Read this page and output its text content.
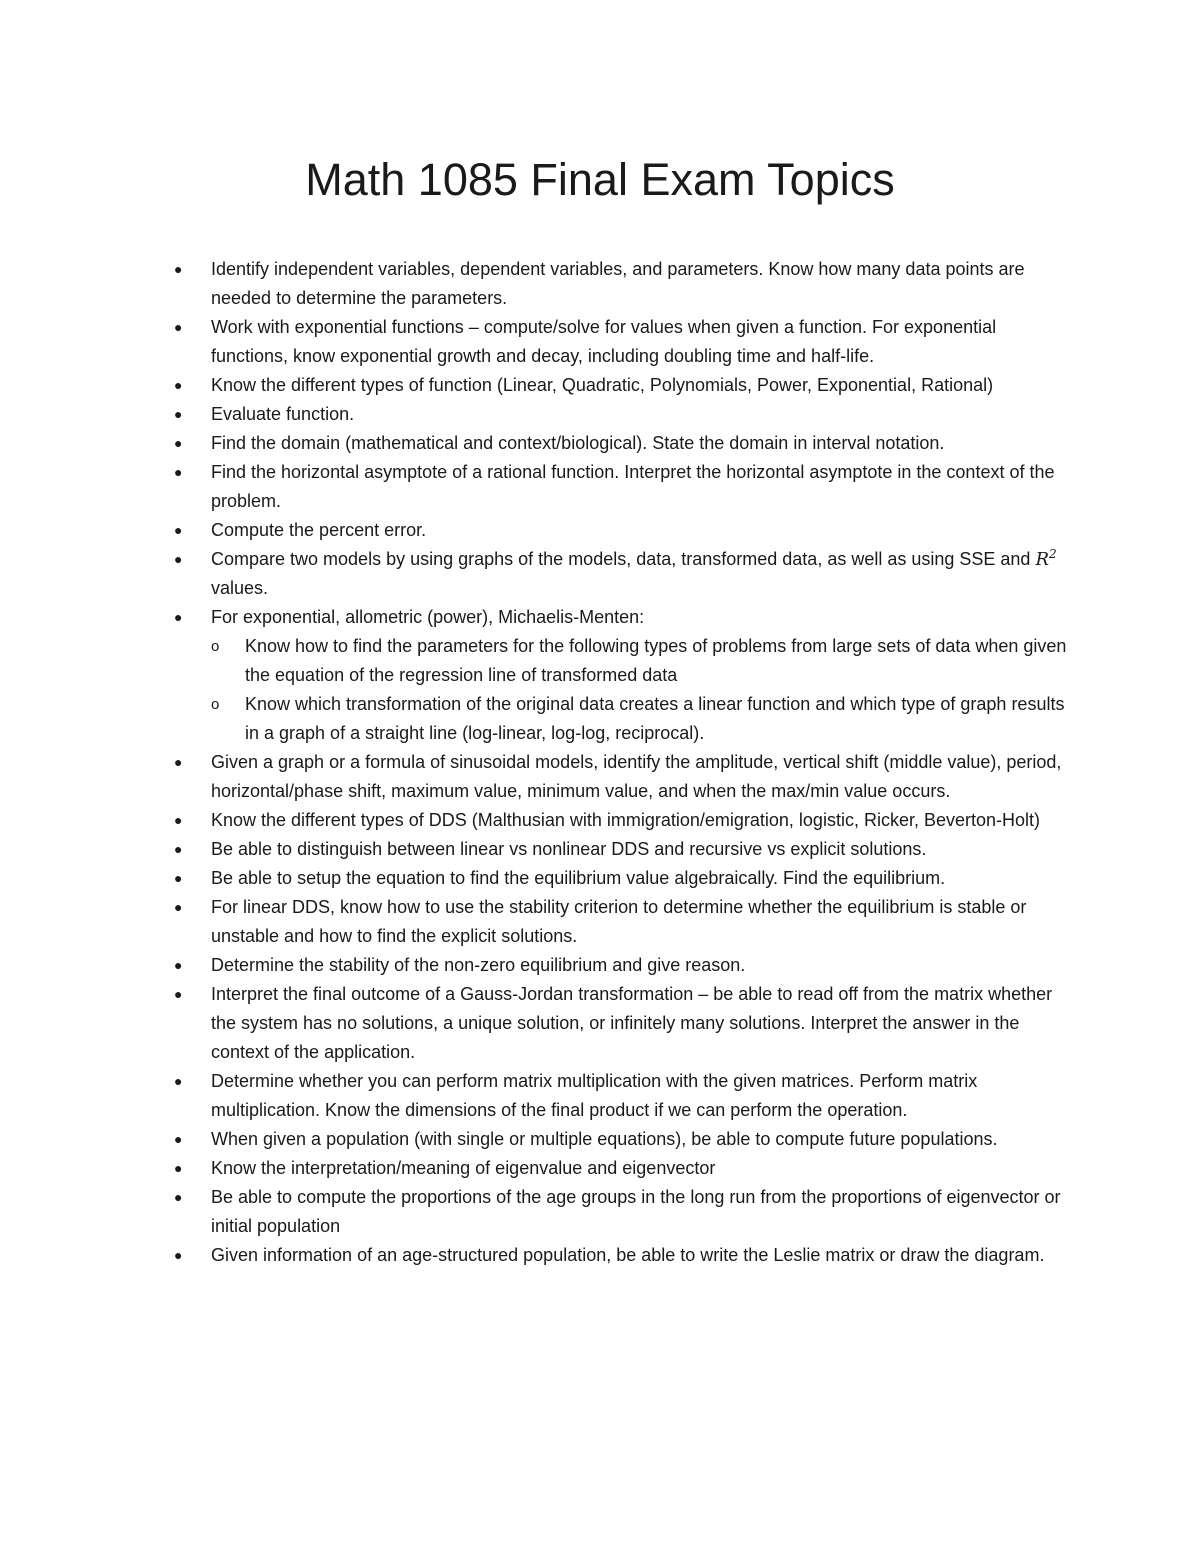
Math 1085 Final Exam Topics
●	Identify independent variables, dependent variables, and parameters. Know how many data points are needed to determine the parameters.
●	Work with exponential functions – compute/solve for values when given a function. For exponential functions, know exponential growth and decay, including doubling time and half-life.
●	Know the different types of function (Linear, Quadratic, Polynomials, Power, Exponential, Rational)
●	Evaluate function.
●	Find the domain (mathematical and context/biological). State the domain in interval notation.
●	Find the horizontal asymptote of a rational function. Interpret the horizontal asymptote in the context of the problem.
●	Compute the percent error.
●	Compare two models by using graphs of the models, data, transformed data, as well as using SSE and $R^2$ values.
●	For exponential, allometric (power), Michaelis-Menten:
o Know how to find the parameters for the following types of problems from large sets of data when given the equation of the regression line of transformed data
o Know which transformation of the original data creates a linear function and which type of graph results in a graph of a straight line (log-linear, log-log, reciprocal).
●	Given a graph or a formula of sinusoidal models, identify the amplitude, vertical shift (middle value), period, horizontal/phase shift, maximum value, minimum value, and when the max/min value occurs.
●	Know the different types of DDS (Malthusian with immigration/emigration, logistic, Ricker, Beverton-Holt)
●	Be able to distinguish between linear vs nonlinear DDS and recursive vs explicit solutions.
●	Be able to setup the equation to find the equilibrium value algebraically. Find the equilibrium.
●	For linear DDS, know how to use the stability criterion to determine whether the equilibrium is stable or unstable and how to find the explicit solutions.
●	Determine the stability of the non-zero equilibrium and give reason.
●	Interpret the final outcome of a Gauss-Jordan transformation – be able to read off from the matrix whether the system has no solutions, a unique solution, or infinitely many solutions. Interpret the answer in the context of the application.
●	Determine whether you can perform matrix multiplication with the given matrices. Perform matrix multiplication. Know the dimensions of the final product if we can perform the operation.
●	When given a population (with single or multiple equations), be able to compute future populations.
●	Know the interpretation/meaning of eigenvalue and eigenvector
●	Be able to compute the proportions of the age groups in the long run from the proportions of eigenvector or initial population
●	Given information of an age-structured population, be able to write the Leslie matrix or draw the diagram.
